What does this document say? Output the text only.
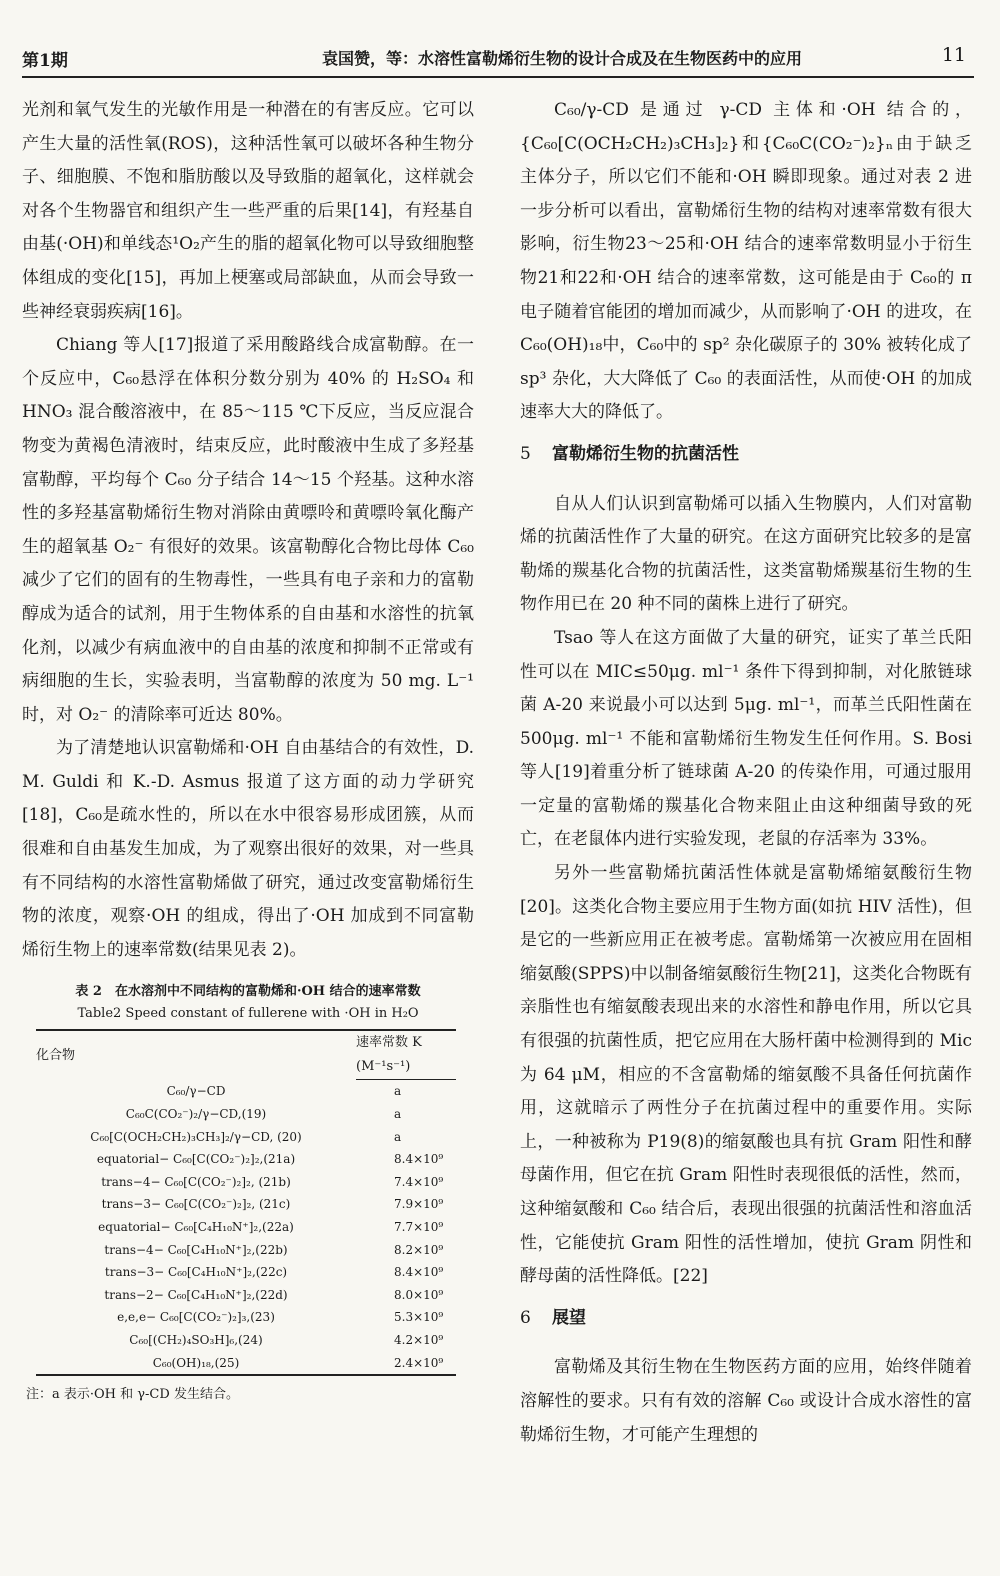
第1期	袁国赞，等：水溶性富勒烯衍生物的设计合成及在生物医药中的应用	11

光剂和氧气发生的光敏作用是一种潜在的有害反应。它可以产生大量的活性氧(ROS)，这种活性氧可以破坏各种生物分子、细胞膜、不饱和脂肪酸以及导致脂的超氧化，这样就会对各个生物器官和组织产生一些严重的后果[14]，有羟基自由基(·OH)和单线态¹O₂产生的脂的超氧化物可以导致细胞整体组成的变化[15]，再加上梗塞或局部缺血，从而会导致一些神经衰弱疾病[16]。

Chiang 等人[17]报道了采用酸路线合成富勒醇。在一个反应中，C₆₀悬浮在体积分数分别为 40% 的 H₂SO₄ 和 HNO₃ 混合酸溶液中，在 85～115 ℃下反应，当反应混合物变为黄褐色清液时，结束反应，此时酸液中生成了多羟基富勒醇，平均每个 C₆₀ 分子结合 14～15 个羟基。这种水溶性的多羟基富勒烯衍生物对消除由黄嘌呤和黄嘌呤氧化酶产生的超氧基 O₂⁻ 有很好的效果。该富勒醇化合物比母体 C₆₀ 减少了它们的固有的生物毒性，一些具有电子亲和力的富勒醇成为适合的试剂，用于生物体系的自由基和水溶性的抗氧化剂，以减少有病血液中的自由基的浓度和抑制不正常或有病细胞的生长，实验表明，当富勒醇的浓度为 50 mg. L⁻¹时，对 O₂⁻ 的清除率可近达 80%。

为了清楚地认识富勒烯和·OH 自由基结合的有效性，D. M. Guldi 和 K.-D. Asmus 报道了这方面的动力学研究[18]，C₆₀是疏水性的，所以在水中很容易形成团簇，从而很难和自由基发生加成，为了观察出很好的效果，对一些具有不同结构的水溶性富勒烯做了研究，通过改变富勒烯衍生物的浓度，观察·OH 的组成，得出了·OH 加成到不同富勒烯衍生物上的速率常数(结果见表 2)。

表 2　在水溶剂中不同结构的富勒烯和·OH 结合的速率常数
Table2 Speed constant of fullerene with ·OH in H₂O
化合物	速率常数 K
	(M⁻¹s⁻¹)
C₆₀/γ−CD	a
C₆₀C(CO₂⁻)₂/γ−CD,(19)	a
C₆₀[C(OCH₂CH₂)₃CH₃]₂/γ−CD, (20)	a
equatorial− C₆₀[C(CO₂⁻)₂]₂,(21a)	8.4×10⁹
trans−4− C₆₀[C(CO₂⁻)₂]₂, (21b)	7.4×10⁹
trans−3− C₆₀[C(CO₂⁻)₂]₂, (21c)	7.9×10⁹
equatorial− C₆₀[C₄H₁₀N⁺]₂,(22a)	7.7×10⁹
trans−4− C₆₀[C₄H₁₀N⁺]₂,(22b)	8.2×10⁹
trans−3− C₆₀[C₄H₁₀N⁺]₂,(22c)	8.4×10⁹
trans−2− C₆₀[C₄H₁₀N⁺]₂,(22d)	8.0×10⁹
e,e,e− C₆₀[C(CO₂⁻)₂]₃,(23)	5.3×10⁹
C₆₀[(CH₂)₄SO₃H]₆,(24)	4.2×10⁹
C₆₀(OH)₁₈,(25)	2.4×10⁹
注：a 表示·OH 和 γ-CD 发生结合。

C₆₀/γ-CD 是通过 γ-CD 主体和·OH 结合的，{C₆₀[C(OCH₂CH₂)₃CH₃]₂}和{C₆₀C(CO₂⁻)₂}ₙ由于缺乏主体分子，所以它们不能和·OH 瞬即现象。通过对表 2 进一步分析可以看出，富勒烯衍生物的结构对速率常数有很大影响，衍生物23～25和·OH 结合的速率常数明显小于衍生物21和22和·OH 结合的速率常数，这可能是由于 C₆₀的 π 电子随着官能团的增加而减少，从而影响了·OH 的进攻，在 C₆₀(OH)₁₈中，C₆₀中的 sp² 杂化碳原子的 30% 被转化成了 sp³ 杂化，大大降低了 C₆₀ 的表面活性，从而使·OH 的加成速率大大的降低了。

5 富勒烯衍生物的抗菌活性

自从人们认识到富勒烯可以插入生物膜内，人们对富勒烯的抗菌活性作了大量的研究。在这方面研究比较多的是富勒烯的羰基化合物的抗菌活性，这类富勒烯羰基衍生物的生物作用已在 20 种不同的菌株上进行了研究。

Tsao 等人在这方面做了大量的研究，证实了革兰氏阳性可以在 MIC≤50μg. ml⁻¹ 条件下得到抑制，对化脓链球菌 A-20 来说最小可以达到 5μg. ml⁻¹，而革兰氏阳性菌在 500μg. ml⁻¹ 不能和富勒烯衍生物发生任何作用。S. Bosi 等人[19]着重分析了链球菌 A-20 的传染作用，可通过服用一定量的富勒烯的羰基化合物来阻止由这种细菌导致的死亡，在老鼠体内进行实验发现，老鼠的存活率为 33%。

另外一些富勒烯抗菌活性体就是富勒烯缩氨酸衍生物[20]。这类化合物主要应用于生物方面(如抗 HIV 活性)，但是它的一些新应用正在被考虑。富勒烯第一次被应用在固相缩氨酸(SPPS)中以制备缩氨酸衍生物[21]，这类化合物既有亲脂性也有缩氨酸表现出来的水溶性和静电作用，所以它具有很强的抗菌性质，把它应用在大肠杆菌中检测得到的 Mic 为 64 μM，相应的不含富勒烯的缩氨酸不具备任何抗菌作用，这就暗示了两性分子在抗菌过程中的重要作用。实际上，一种被称为 P19(8)的缩氨酸也具有抗 Gram 阳性和酵母菌作用，但它在抗 Gram 阳性时表现很低的活性，然而，这种缩氨酸和 C₆₀ 结合后，表现出很强的抗菌活性和溶血活性，它能使抗 Gram 阳性的活性增加，使抗 Gram 阴性和酵母菌的活性降低。[22]

6 展望

富勒烯及其衍生物在生物医药方面的应用，始终伴随着溶解性的要求。只有有效的溶解 C₆₀ 或设计合成水溶性的富勒烯衍生物，才可能产生理想的
